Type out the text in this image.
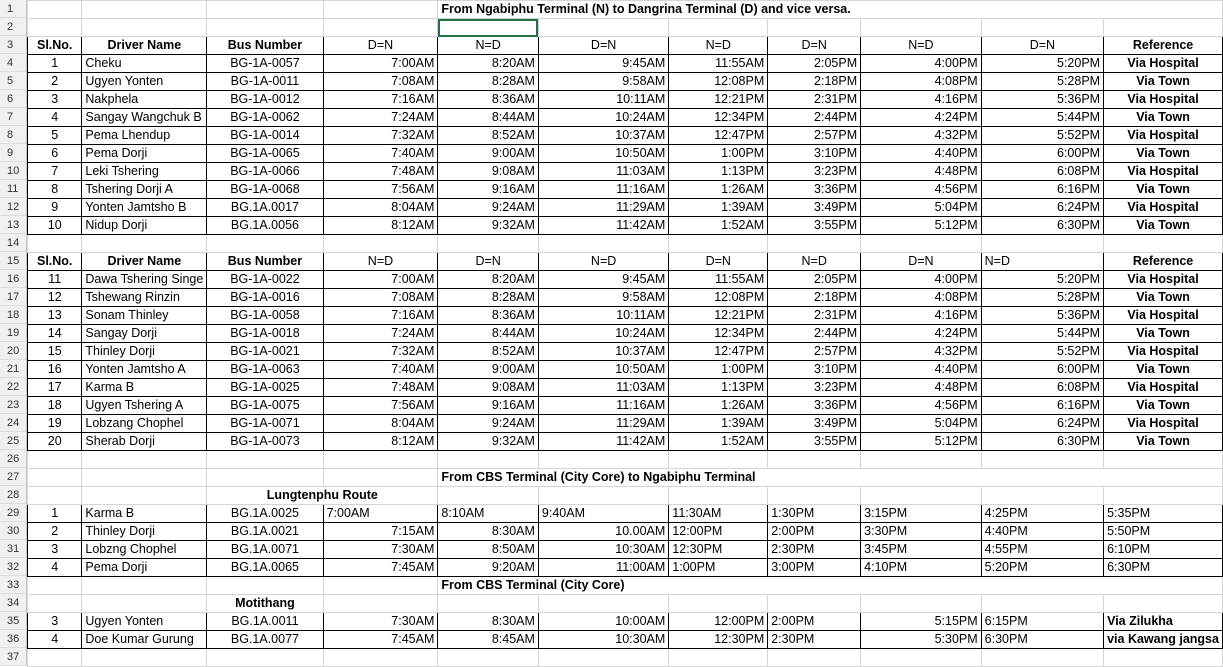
1
2
3
4
5
6
7
8
9
10
11
12
13
14
15
16
17
18
19
20
21
22
23
24
25
26
27
28
29
30
31
32
33
34
35
36
37
				From Ngabiphu Terminal (N) to Dangrina Terminal (D) and vice versa.						

Sl.No.	Driver Name	Bus Number	D=N	N=D	D=N	N=D	D=N	N=D	D=N	Reference
1	Cheku	BG-1A-0057	7:00AM	8:20AM	9:45AM	11:55AM	2:05PM	4:00PM	5:20PM	Via Hospital
2	Ugyen Yonten	BG-1A-0011	7:08AM	8:28AM	9:58AM	12:08PM	2:18PM	4:08PM	5:28PM	Via Town
3	Nakphela	BG-1A-0012	7:16AM	8:36AM	10:11AM	12:21PM	2:31PM	4:16PM	5:36PM	Via Hospital
4	Sangay Wangchuk B	BG-1A-0062	7:24AM	8:44AM	10:24AM	12:34PM	2:44PM	4:24PM	5:44PM	Via Town
5	Pema Lhendup	BG-1A-0014	7:32AM	8:52AM	10:37AM	12:47PM	2:57PM	4:32PM	5:52PM	Via Hospital
6	Pema Dorji	BG-1A-0065	7:40AM	9:00AM	10:50AM	1:00PM	3:10PM	4:40PM	6:00PM	Via Town
7	Leki Tshering	BG-1A-0066	7:48AM	9:08AM	11:03AM	1:13PM	3:23PM	4:48PM	6:08PM	Via Hospital
8	Tshering Dorji A	BG-1A-0068	7:56AM	9:16AM	11:16AM	1:26AM	3:36PM	4:56PM	6:16PM	Via Town
9	Yonten Jamtsho B	BG.1A.0017	8:04AM	9:24AM	11:29AM	1:39AM	3:49PM	5:04PM	6:24PM	Via Hospital
10	Nidup Dorji	BG.1A.0056	8:12AM	9:32AM	11:42AM	1:52AM	3:55PM	5:12PM	6:30PM	Via Town

Sl.No.	Driver Name	Bus Number	N=D	D=N	N=D	D=N	N=D	D=N	N=D	Reference
11	Dawa Tshering Singe	BG-1A-0022	7:00AM	8:20AM	9:45AM	11:55AM	2:05PM	4:00PM	5:20PM	Via Hospital
12	Tshewang Rinzin	BG-1A-0016	7:08AM	8:28AM	9:58AM	12:08PM	2:18PM	4:08PM	5:28PM	Via Town
13	Sonam Thinley	BG-1A-0058	7:16AM	8:36AM	10:11AM	12:21PM	2:31PM	4:16PM	5:36PM	Via Hospital
14	Sangay Dorji	BG-1A-0018	7:24AM	8:44AM	10:24AM	12:34PM	2:44PM	4:24PM	5:44PM	Via Town
15	Thinley Dorji	BG-1A-0021	7:32AM	8:52AM	10:37AM	12:47PM	2:57PM	4:32PM	5:52PM	Via Hospital
16	Yonten Jamtsho A	BG-1A-0063	7:40AM	9:00AM	10:50AM	1:00PM	3:10PM	4:40PM	6:00PM	Via Town
17	Karma B	BG-1A-0025	7:48AM	9:08AM	11:03AM	1:13PM	3:23PM	4:48PM	6:08PM	Via Hospital
18	Ugyen Tshering A	BG-1A-0075	7:56AM	9:16AM	11:16AM	1:26AM	3:36PM	4:56PM	6:16PM	Via Town
19	Lobzang Chophel	BG-1A-0071	8:04AM	9:24AM	11:29AM	1:39AM	3:49PM	5:04PM	6:24PM	Via Hospital
20	Sherab Dorji	BG-1A-0073	8:12AM	9:32AM	11:42AM	1:52AM	3:55PM	5:12PM	6:30PM	Via Town

				From CBS Terminal (City Core) to Ngabiphu Terminal						
		Lungtenphu Route								
1	Karma B	BG.1A.0025	7:00AM	8:10AM	9:40AM	11:30AM	1:30PM	3:15PM	4:25PM	5:35PM
2	Thinley Dorji	BG.1A.0021	7:15AM	8:30AM	10.00AM	12:00PM	2:00PM	3:30PM	4:40PM	5:50PM
3	Lobzng Chophel	BG.1A.0071	7:30AM	8:50AM	10:30AM	12:30PM	2:30PM	3:45PM	4:55PM	6:10PM
4	Pema Dorji	BG.1A.0065	7:45AM	9:20AM	11:00AM	1:00PM	3:00PM	4:10PM	5:20PM	6:30PM
				From CBS Terminal (City Core)						
		Motithang								
3	Ugyen Yonten	BG.1A.0011	7:30AM	8:30AM	10:00AM	12:00PM	2:00PM	5:15PM	6:15PM	Via Zilukha
4	Doe Kumar Gurung	BG.1A.0077	7:45AM	8:45AM	10:30AM	12:30PM	2:30PM	5:30PM	6:30PM	via Kawang jangsa
